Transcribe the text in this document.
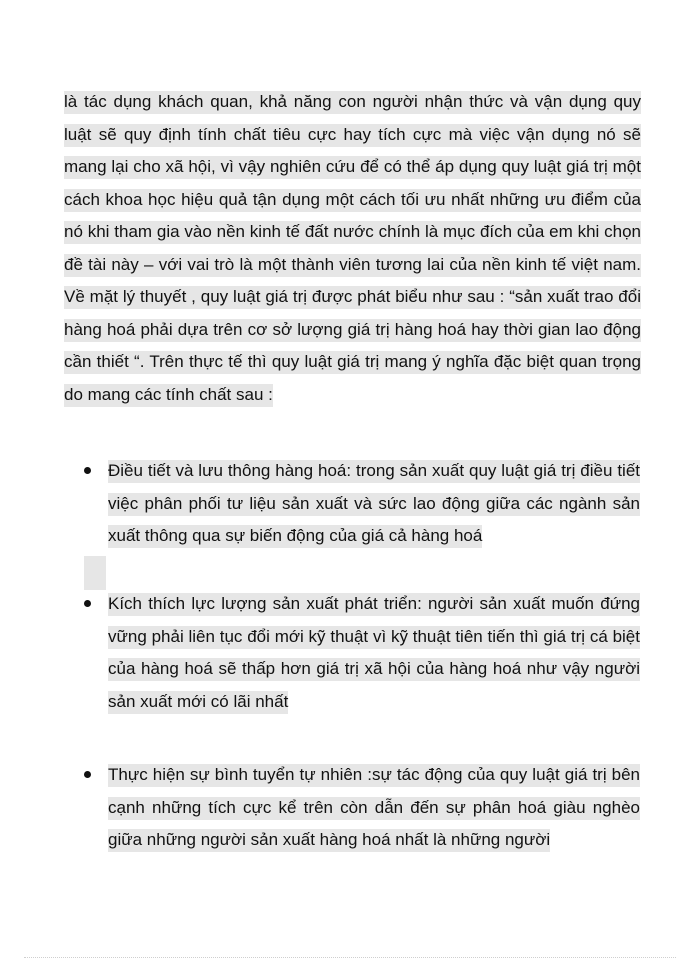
là tác dụng khách quan, khả năng con người nhận thức và vận dụng quy luật sẽ quy định tính chất tiêu cực hay tích cực mà việc vận dụng nó sẽ mang lại cho xã hội, vì vậy nghiên cứu để có thể áp dụng quy luật giá trị một cách khoa học hiệu quả tận dụng một cách tối ưu nhất những ưu điểm của nó khi tham gia vào nền kinh tế đất nước chính là mục đích của em khi chọn đề tài này – với vai trò là một thành viên tương lai của nền kinh tế việt nam. Về mặt lý thuyết , quy luật giá trị được phát biểu như sau : “sản xuất trao đổi hàng hoá phải dựa trên cơ sở lượng giá trị hàng hoá hay thời gian lao động cần thiết “. Trên thực tế thì quy luật giá trị mang ý nghĩa đặc biệt quan trọng do mang các tính chất sau :
Điều tiết và lưu thông hàng hoá: trong sản xuất quy luật giá trị điều tiết việc phân phối tư liệu sản xuất và sức lao động giữa các ngành sản xuất thông qua sự biến động của giá cả hàng hoá
Kích thích lực lượng sản xuất phát triển: người sản xuất muốn đứng vững phải liên tục đổi mới kỹ thuật vì kỹ thuật tiên tiến thì giá trị cá biệt của hàng hoá sẽ thấp hơn giá trị xã hội của hàng hoá như vậy người sản xuất mới có lãi nhất
Thực hiện sự bình tuyển tự nhiên :sự tác động của quy luật giá trị bên cạnh những tích cực kể trên còn dẫn đến sự phân hoá giàu nghèo giữa những người sản xuất hàng hoá nhất là những người
